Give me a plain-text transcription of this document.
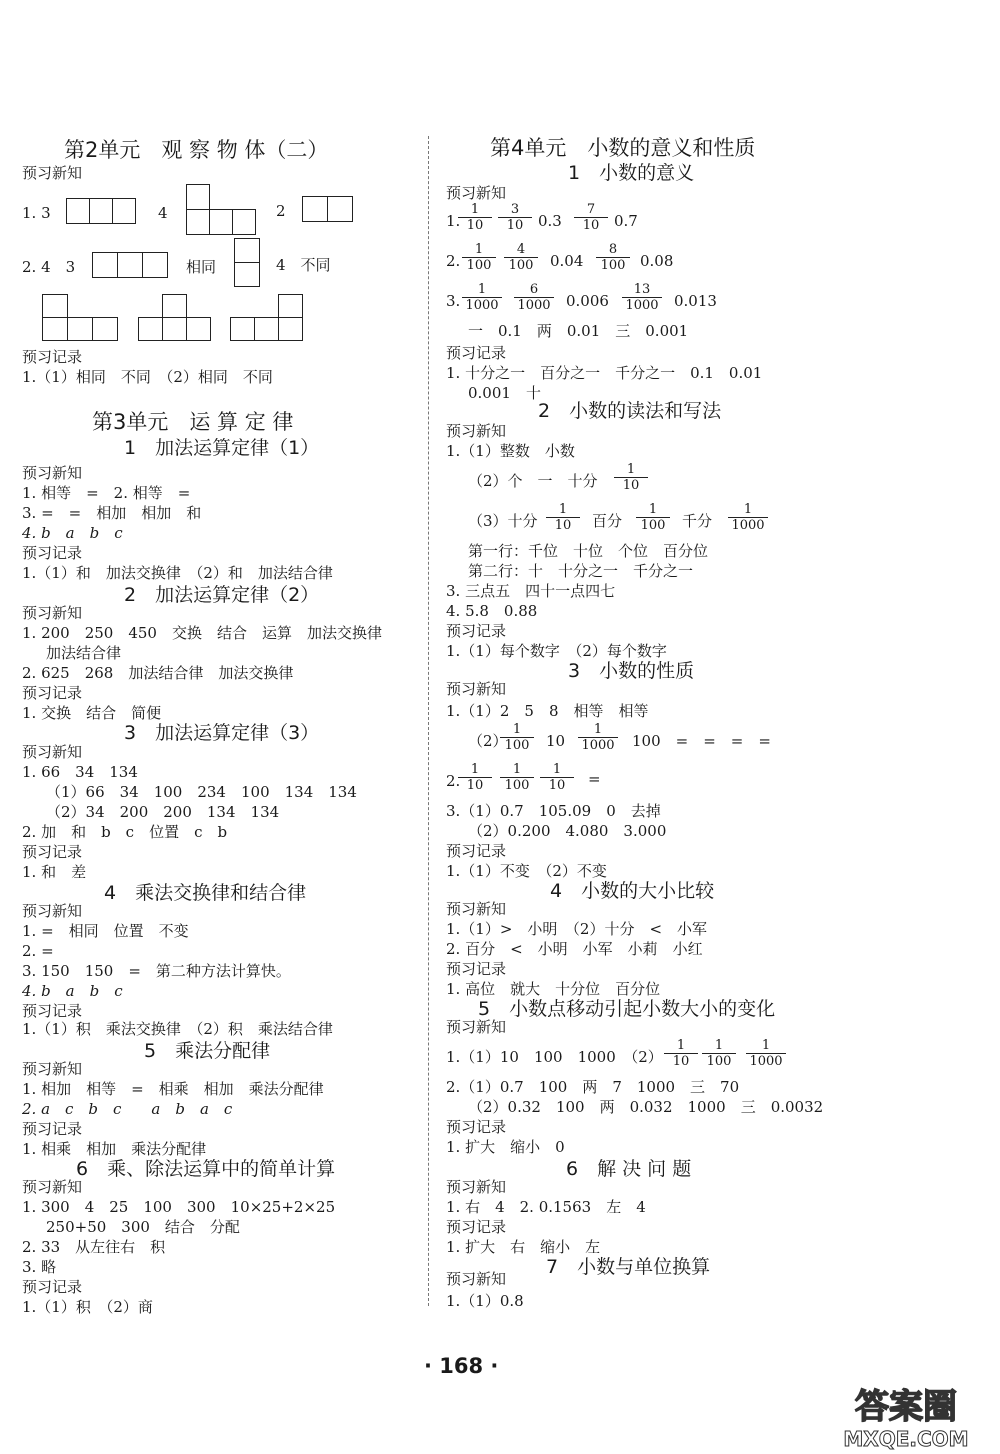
第2单元　观 察 物 体（二）
预习新知
1. 3	4	2
2. 4　3	相同	4　不同
预习记录
1.（1）相同　不同　（2）相同　不同
第3单元　运 算 定 律
1　加法运算定律（1）
预习新知
1. 相等　=　2. 相等　=
3. =　=　相加　相加　和
4. b　a　b　c
预习记录
1.（1）和　加法交换律　（2）和　加法结合律
2　加法运算定律（2）
预习新知
1. 200　250　450　交换　结合　运算　加法交换律
加法结合律
2. 625　268　加法结合律　加法交换律
预习记录
1. 交换　结合　简便
3　加法运算定律（3）
预习新知
1. 66　34　134
（1）66　34　100　234　100　134　134
（2）34　200　200　134　134
2. 加　和　b　c　位置　c　b
预习记录
1. 和　差
4　乘法交换律和结合律
预习新知
1. =　相同　位置　不变
2. =
3. 150　150　=　第二种方法计算快。
4. b　a　b　c
预习记录
1.（1）积　乘法交换律　（2）积　乘法结合律
5　乘法分配律
预习新知
1. 相加　相等　=　相乘　相加　乘法分配律
2. a　c　b　c　　a　b　a　c
预习记录
1. 相乘　相加　乘法分配律
6　乘、除法运算中的简单计算
预习新知
1. 300　4　25　100　300　10×25+2×25
250+50　300　结合　分配
2. 33　从左往右　积
3. 略
预习记录
1.（1）积　（2）商
第4单元　小数的意义和性质
1　小数的意义
预习新知
1.
$\frac{1}{10} \frac{3}{10} 0.3 \frac{7}{10} 0.7$
2. $\frac{1}{100} \frac{4}{100} 0.04 \frac{8}{100} 0.08$
3. $\frac{1}{1000} \frac{6}{1000} 0.006 \frac{13}{1000} 0.013$
一　0.1　两　0.01　三　0.001
预习记录
1. 十分之一　百分之一　千分之一　0.1　0.01
0.001　十
2　小数的读法和写法
预习新知
1.（1）整数　小数
（2）个　一　十分 $\frac{1}{10}$
（3）十分 $\frac{1}{10}$ 百分 $\frac{1}{100}$ 千分 $\frac{1}{1000}$
第一行：千位　十位　个位　百分位
第二行：十　十分之一　千分之一
3. 三点五　四十一点四七
4. 5.8　0.88
预习记录
1.（1）每个数字　（2）每个数字
3　小数的性质
预习新知
1.（1）2　5　8　相等　相等
（2）
$\frac{1}{100} 10 \frac{1}{1000} 100$　=　=　=　=
2.
$\frac{1}{10} \frac{1}{100} \frac{1}{10}$ =
3.（1）0.7　105.09　0　去掉
（2）0.200　4.080　3.000
预习记录
1.（1）不变　（2）不变
4　小数的大小比较
预习新知
1.（1）>　小明　（2）十分　<　小军
2. 百分　<　小明　小军　小莉　小红
预习记录
1. 高位　就大　十分位　百分位
5　小数点移动引起小数大小的变化
预习新知
1.（1）10　100　1000　$(2) \frac{1}{10} \frac{1}{100} \frac{1}{1000}$
2.（1）0.7　100　两　7　1000　三　70
（2）0.32　100　两　0.032　1000　三　0.0032
预习记录
1. 扩大　缩小　0
6　解 决 问 题
预习新知
1. 右　4　2. 0.1563　左　4
预习记录
1. 扩大　右　缩小　左
预习新知
7　小数与单位换算
1.（1）0.8
· 168 ·
答案圈
MXQE.COM
